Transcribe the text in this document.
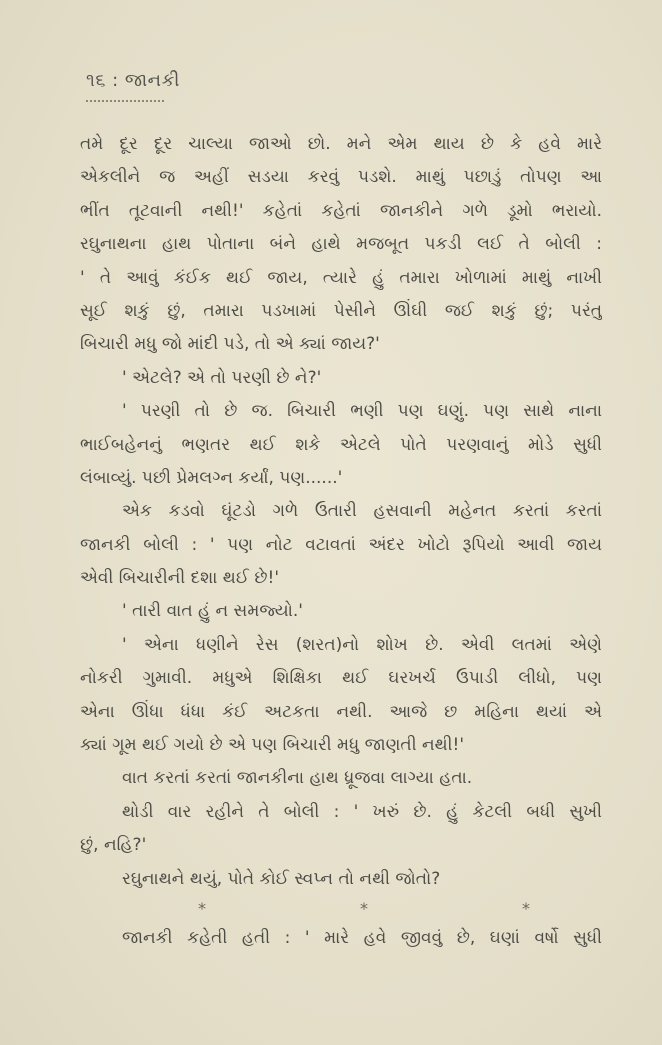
૧૬ : જાનકી
તમે દૂર દૂર ચાલ્યા જાઓ છો. મને એમ થાય છે કે હવે મારે
એકલીને જ અહીં સડયા કરવું પડશે. માથું પછાડું તોપણ આ
ભીંત તૂટવાની નથી!' કહેતાં કહેતાં જાનકીને ગળે ડૂમો ભરાયો.
રઘુનાથના હાથ પોતાના બંને હાથે મજબૂત પકડી લઈ તે બોલી :
' તે આવું કંઈક થઈ જાય, ત્યારે હું તમારા ખોળામાં માથું નાખી
સૂઈ શકું છું, તમારા પડખામાં પેસીને ઊંઘી જઈ શકું છું; પરંતુ
બિચારી મધુ જો માંદી પડે, તો એ ક્યાં જાય?'
' એટલે? એ તો પરણી છે ને?'
' પરણી તો છે જ. બિચારી ભણી પણ ઘણું. પણ સાથે નાના
ભાઈબહેનનું ભણતર થઈ શકે એટલે પોતે પરણવાનું મોડે સુધી
લંબાવ્યું. પછી પ્રેમલગ્ન કર્યાં, પણ......'
એક કડવો ઘૂંટડો ગળે ઉતારી હસવાની મહેનત કરતાં કરતાં
જાનકી બોલી : ' પણ નોટ વટાવતાં અંદર ખોટો રૂપિયો આવી જાય
એવી બિચારીની દશા થઈ છે!'
' તારી વાત હું ન સમજ્યો.'
' એના ધણીને રેસ (શરત)નો શોખ છે. એવી લતમાં એણે
નોકરી ગુમાવી. મધુએ શિક્ષિકા થઈ ઘરખર્ચ ઉપાડી લીધો, પણ
એના ઊંધા ધંધા કંઈ અટકતા નથી. આજે છ મહિના થયાં એ
ક્યાં ગૂમ થઈ ગયો છે એ પણ બિચારી મધુ જાણતી નથી!'
વાત કરતાં કરતાં જાનકીના હાથ ધ્રૂજવા લાગ્યા હતા.
થોડી વાર રહીને તે બોલી : ' ખરું છે. હું કેટલી બધી સુખી
છું, નહિ?'
રઘુનાથને થયું, પોતે કોઈ સ્વપ્ન તો નથી જોતો?
*	*	*
જાનકી કહેતી હતી : ' મારે હવે જીવવું છે, ઘણાં વર્ષો સુધી
